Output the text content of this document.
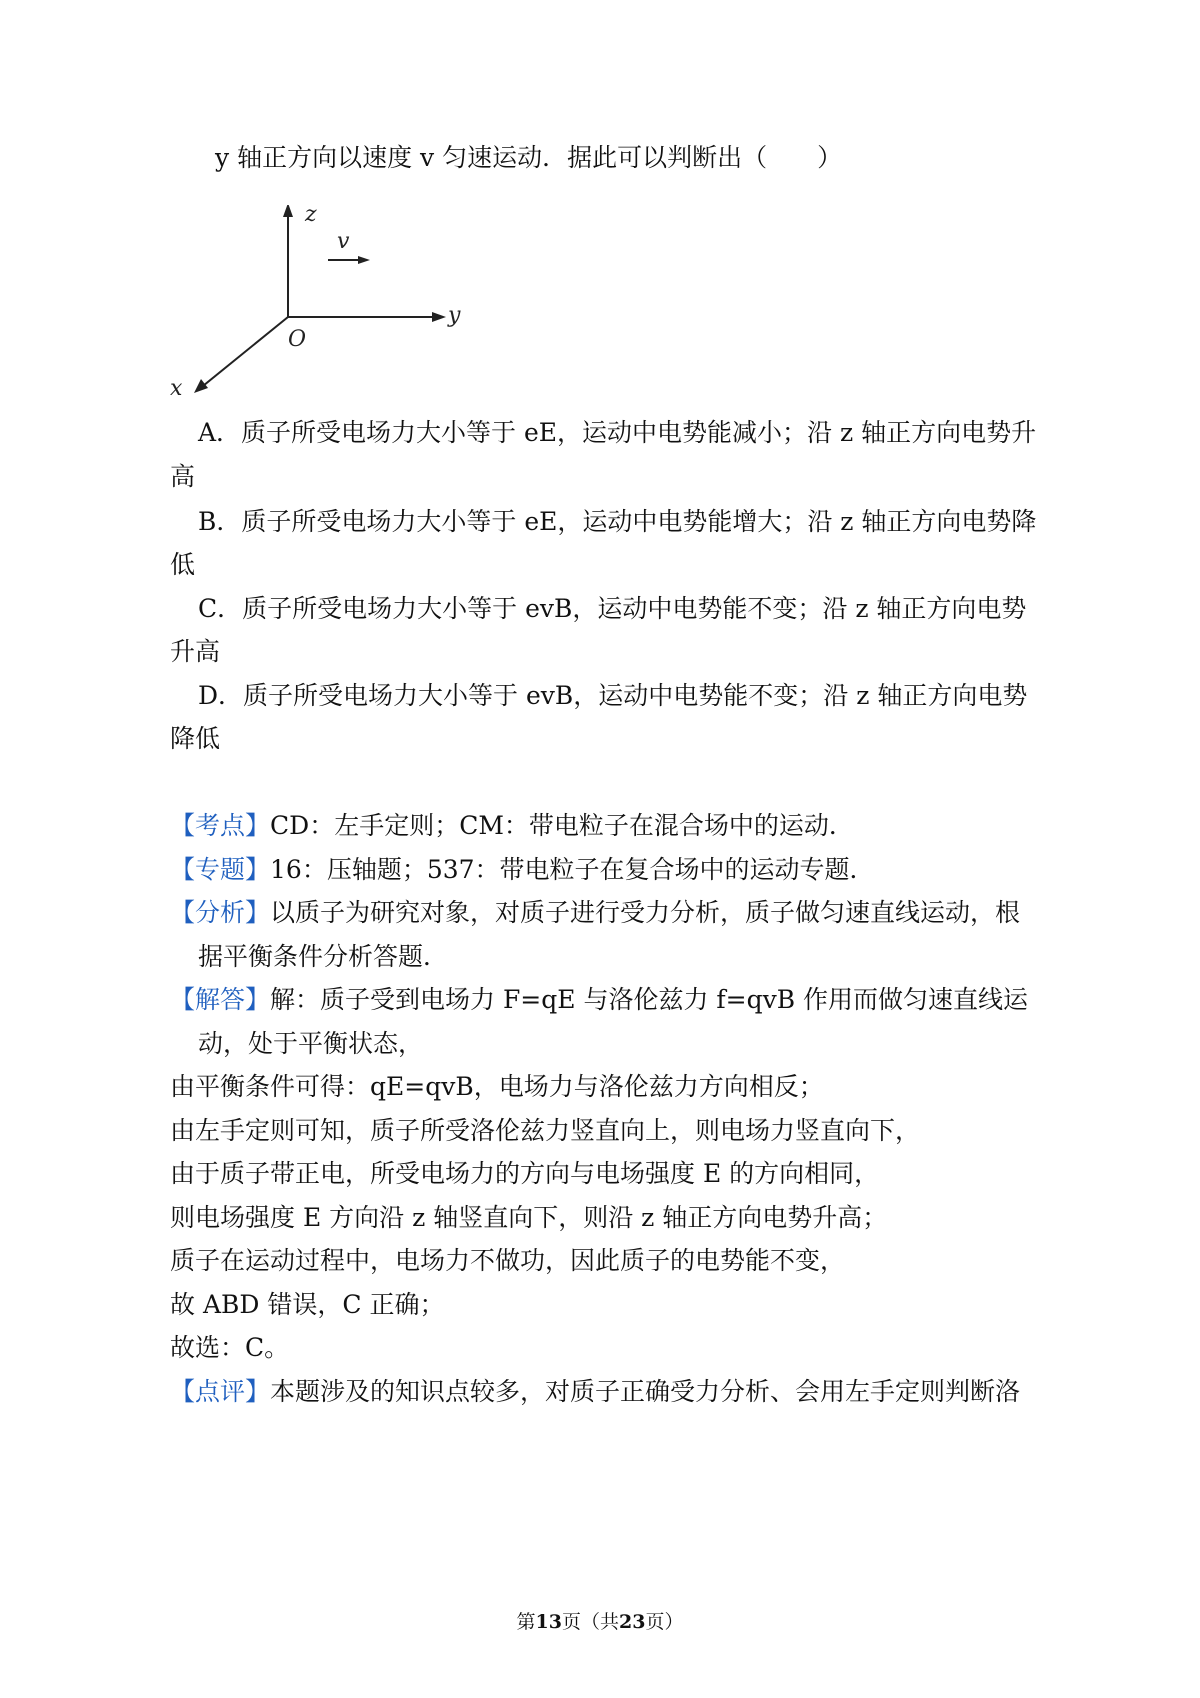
y 轴正方向以速度 v 匀速运动．据此可以判断出（　　）
z
y
x
O
v
A．质子所受电场力大小等于 eE，运动中电势能减小；沿 z 轴正方向电势升
高
B．质子所受电场力大小等于 eE，运动中电势能增大；沿 z 轴正方向电势降
低
C．质子所受电场力大小等于 evB，运动中电势能不变；沿 z 轴正方向电势
升高
D．质子所受电场力大小等于 evB，运动中电势能不变；沿 z 轴正方向电势
降低
【考点】CD：左手定则；CM：带电粒子在混合场中的运动．
【专题】16：压轴题；537：带电粒子在复合场中的运动专题．
【分析】以质子为研究对象，对质子进行受力分析，质子做匀速直线运动，根
据平衡条件分析答题．
【解答】解：质子受到电场力 F=qE 与洛伦兹力 f=qvB 作用而做匀速直线运
动，处于平衡状态，
由平衡条件可得：qE=qvB，电场力与洛伦兹力方向相反；
由左手定则可知，质子所受洛伦兹力竖直向上，则电场力竖直向下，
由于质子带正电，所受电场力的方向与电场强度 E 的方向相同，
则电场强度 E 方向沿 z 轴竖直向下，则沿 z 轴正方向电势升高；
质子在运动过程中，电场力不做功，因此质子的电势能不变，
故 ABD 错误，C 正确；
故选：C。
【点评】本题涉及的知识点较多，对质子正确受力分析、会用左手定则判断洛
第13页（共23页）
